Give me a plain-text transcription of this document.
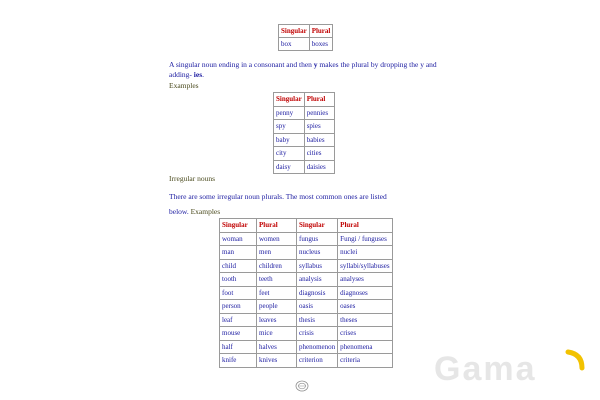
Singular	Plural
box	boxes
A singular noun ending in a consonant and then y makes the plural by dropping the y and
adding- ies.
Examples
Singular	Plural
penny	pennies
spy	spies
baby	babies
city	cities
daisy	daisies
Irregular nouns
There are some irregular noun plurals. The most common ones are listed
below. Examples
Singular	Plural	Singular	Plural
woman	women	fungus	Fungi / funguses
man	men	nucleus	nuclei
child	children	syllabus	syllabi/syllabuses
tooth	teeth	analysis	analyses
foot	feet	diagnosis	diagnoses
person	people	oasis	oases
leaf	leaves	thesis	theses
mouse	mice	crisis	crises
half	halves	phenomenon	phenomena
knife	knives	criterion	criteria Gama
